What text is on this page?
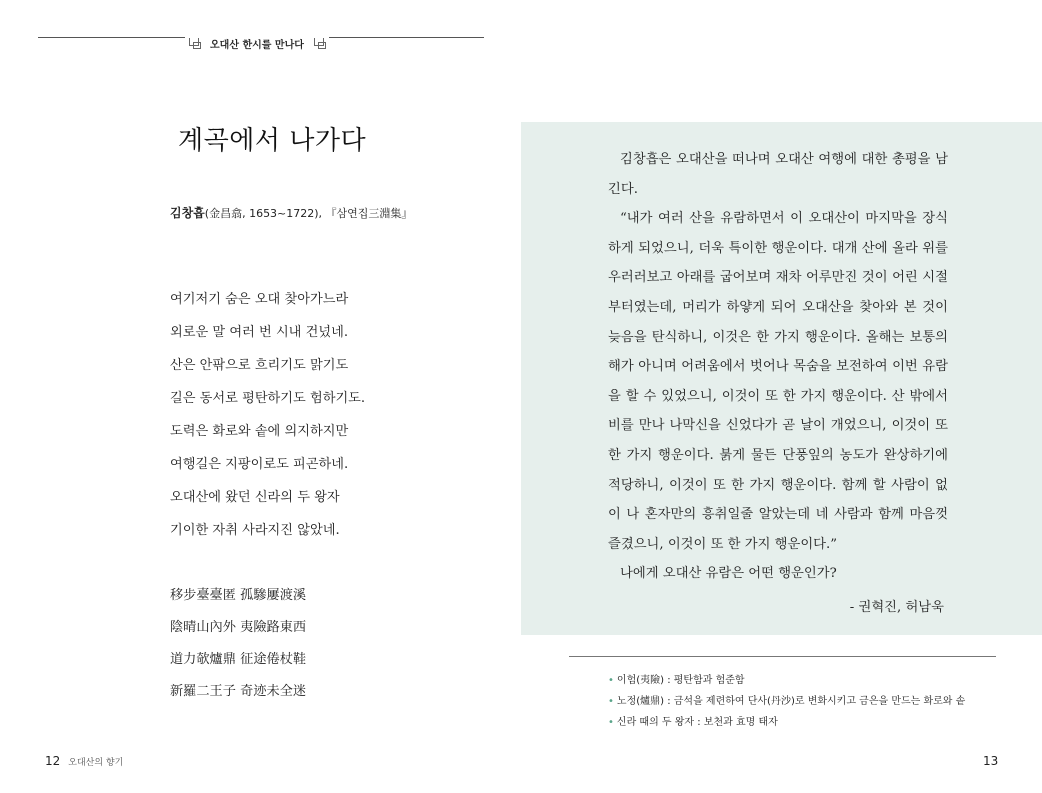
오대산 한시를 만나다
계곡에서 나가다
김창흡(金昌翕, 1653~1722), 『삼연집三淵集』
여기저기 숨은 오대 찾아가느라
외로운 말 여러 번 시내 건넜네.
산은 안팎으로 흐리기도 맑기도
길은 동서로 평탄하기도 험하기도.
도력은 화로와 솥에 의지하지만
여행길은 지팡이로도 피곤하네.
오대산에 왔던 신라의 두 왕자
기이한 자취 사라지진 않았네.
移步臺臺匿 孤驂屢渡溪
陰晴山內外 夷險路東西
道力欹爐鼎 征途倦杖鞋
新羅二王子 奇迹未全迷

김창흡은 오대산을 떠나며 오대산 여행에 대한 총평을 남긴다.

“내가 여러 산을 유람하면서 이 오대산이 마지막을 장식하게 되었으니, 더욱 특이한 행운이다. 대개 산에 올라 위를 우러러보고 아래를 굽어보며 재차 어루만진 것이 어린 시절부터였는데, 머리가 하얗게 되어 오대산을 찾아와 본 것이 늦음을 탄식하니, 이것은 한 가지 행운이다. 올해는 보통의 해가 아니며 어려움에서 벗어나 목숨을 보전하여 이번 유람을 할 수 있었으니, 이것이 또 한 가지 행운이다. 산 밖에서 비를 만나 나막신을 신었다가 곧 날이 개었으니, 이것이 또 한 가지 행운이다. 붉게 물든 단풍잎의 농도가 완상하기에 적당하니, 이것이 또 한 가지 행운이다. 함께 할 사람이 없이 나 혼자만의 흥취일줄 알았는데 네 사람과 함께 마음껏 즐겼으니, 이것이 또 한 가지 행운이다.”

나에게 오대산 유람은 어떤 행운인가?

- 권혁진, 허남욱

• 이험(夷險) : 평탄함과 험준함
• 노정(爐鼎) : 금석을 제련하여 단사(丹沙)로 변화시키고 금은을 만드는 화로와 솥
• 신라 때의 두 왕자 : 보천과 효명 태자
12 오대산의 향기	13
